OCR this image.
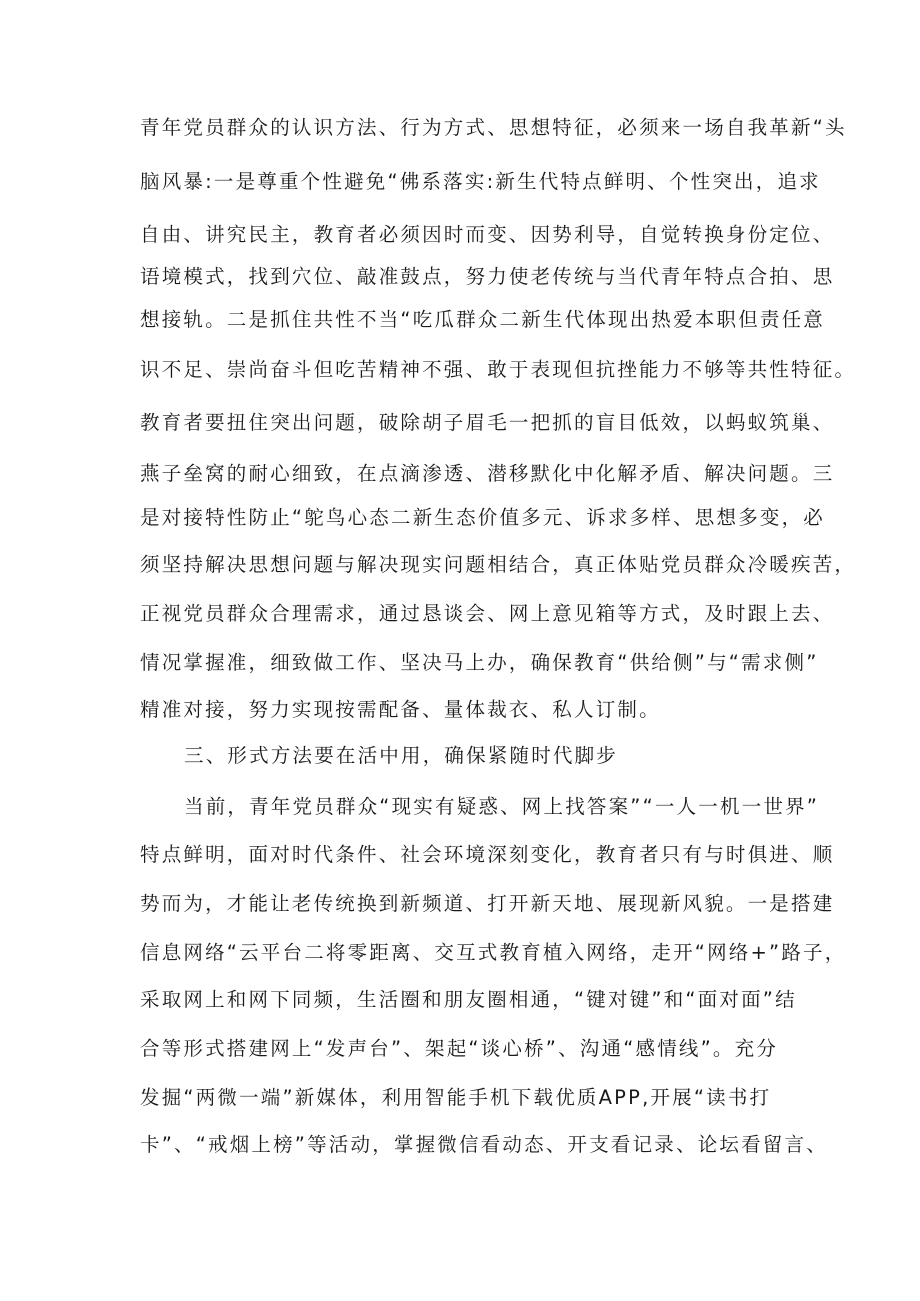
青年党员群众的认识方法、行为方式、思想特征，必须来一场自我革新“头
脑风暴:一是尊重个性避免“佛系落实:新生代特点鲜明、个性突出，追求
自由、讲究民主，教育者必须因时而变、因势利导，自觉转换身份定位、
语境模式，找到穴位、敲准鼓点，努力使老传统与当代青年特点合拍、思
想接轨。二是抓住共性不当“吃瓜群众二新生代体现出热爱本职但责任意
识不足、崇尚奋斗但吃苦精神不强、敢于表现但抗挫能力不够等共性特征。
教育者要扭住突出问题，破除胡子眉毛一把抓的盲目低效，以蚂蚁筑巢、
燕子垒窝的耐心细致，在点滴渗透、潜移默化中化解矛盾、解决问题。三
是对接特性防止“鸵鸟心态二新生态价值多元、诉求多样、思想多变，必
须坚持解决思想问题与解决现实问题相结合，真正体贴党员群众冷暖疾苦，
正视党员群众合理需求，通过恳谈会、网上意见箱等方式，及时跟上去、
情况掌握准，细致做工作、坚决马上办，确保教育“供给侧”与“需求侧”
精准对接，努力实现按需配备、量体裁衣、私人订制。
三、形式方法要在活中用，确保紧随时代脚步
当前，青年党员群众“现实有疑惑、网上找答案”“一人一机一世界”
特点鲜明，面对时代条件、社会环境深刻变化，教育者只有与时俱进、顺
势而为，才能让老传统换到新频道、打开新天地、展现新风貌。一是搭建
信息网络“云平台二将零距离、交互式教育植入网络，走开“网络+”路子，
采取网上和网下同频，生活圈和朋友圈相通，“键对键”和“面对面”结
合等形式搭建网上“发声台”、架起“谈心桥”、沟通“感情线”。充分
发掘“两微一端”新媒体，利用智能手机下载优质APP,开展“读书打
卡”、“戒烟上榜”等活动，掌握微信看动态、开支看记录、论坛看留言、
